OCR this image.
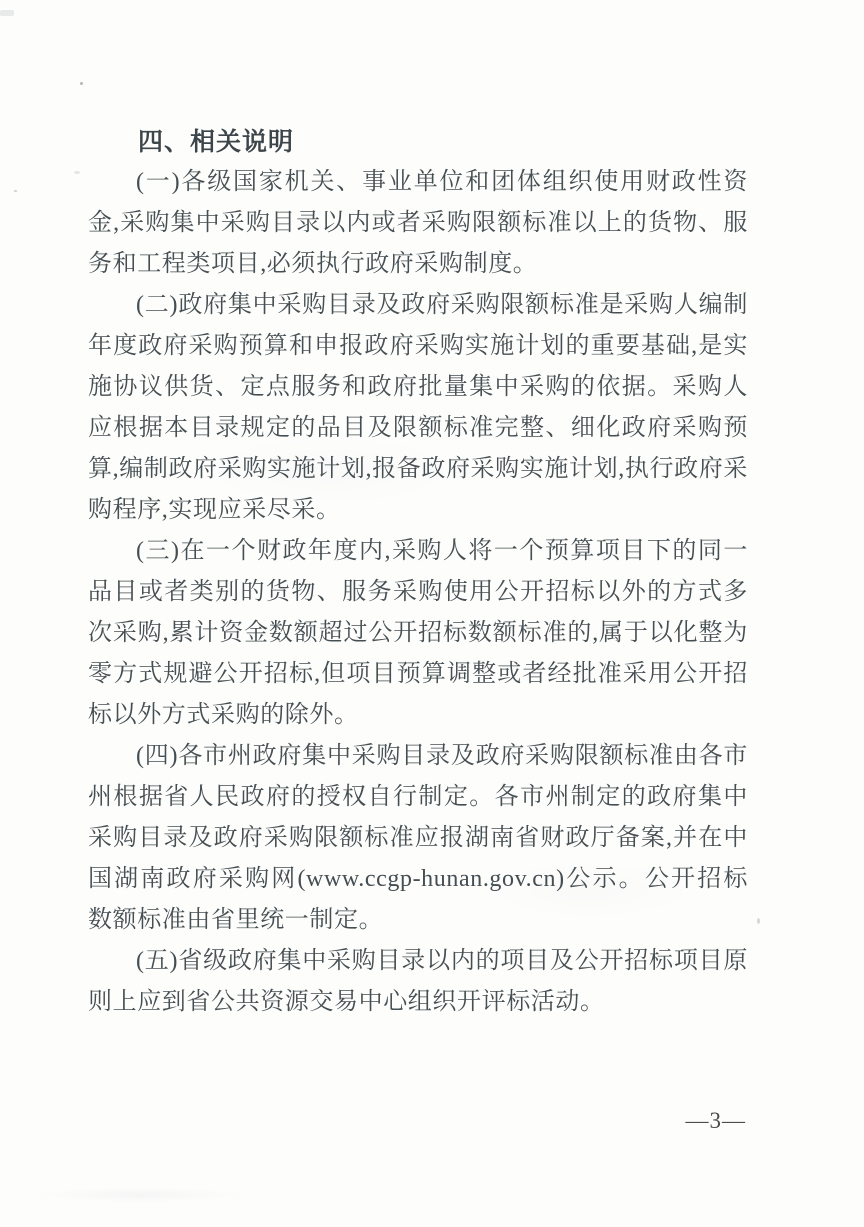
四、相关说明

(一)各级国家机关、事业单位和团体组织使用财政性资金,采购集中采购目录以内或者采购限额标准以上的货物、服务和工程类项目,必须执行政府采购制度。

(二)政府集中采购目录及政府采购限额标准是采购人编制年度政府采购预算和申报政府采购实施计划的重要基础,是实施协议供货、定点服务和政府批量集中采购的依据。采购人应根据本目录规定的品目及限额标准完整、细化政府采购预算,编制政府采购实施计划,报备政府采购实施计划,执行政府采购程序,实现应采尽采。

(三)在一个财政年度内,采购人将一个预算项目下的同一品目或者类别的货物、服务采购使用公开招标以外的方式多次采购,累计资金数额超过公开招标数额标准的,属于以化整为零方式规避公开招标,但项目预算调整或者经批准采用公开招标以外方式采购的除外。

(四)各市州政府集中采购目录及政府采购限额标准由各市州根据省人民政府的授权自行制定。各市州制定的政府集中采购目录及政府采购限额标准应报湖南省财政厅备案,并在中国湖南政府采购网(www.ccgp-hunan.gov.cn)公示。公开招标数额标准由省里统一制定。

(五)省级政府集中采购目录以内的项目及公开招标项目原则上应到省公共资源交易中心组织开评标活动。

—3—
